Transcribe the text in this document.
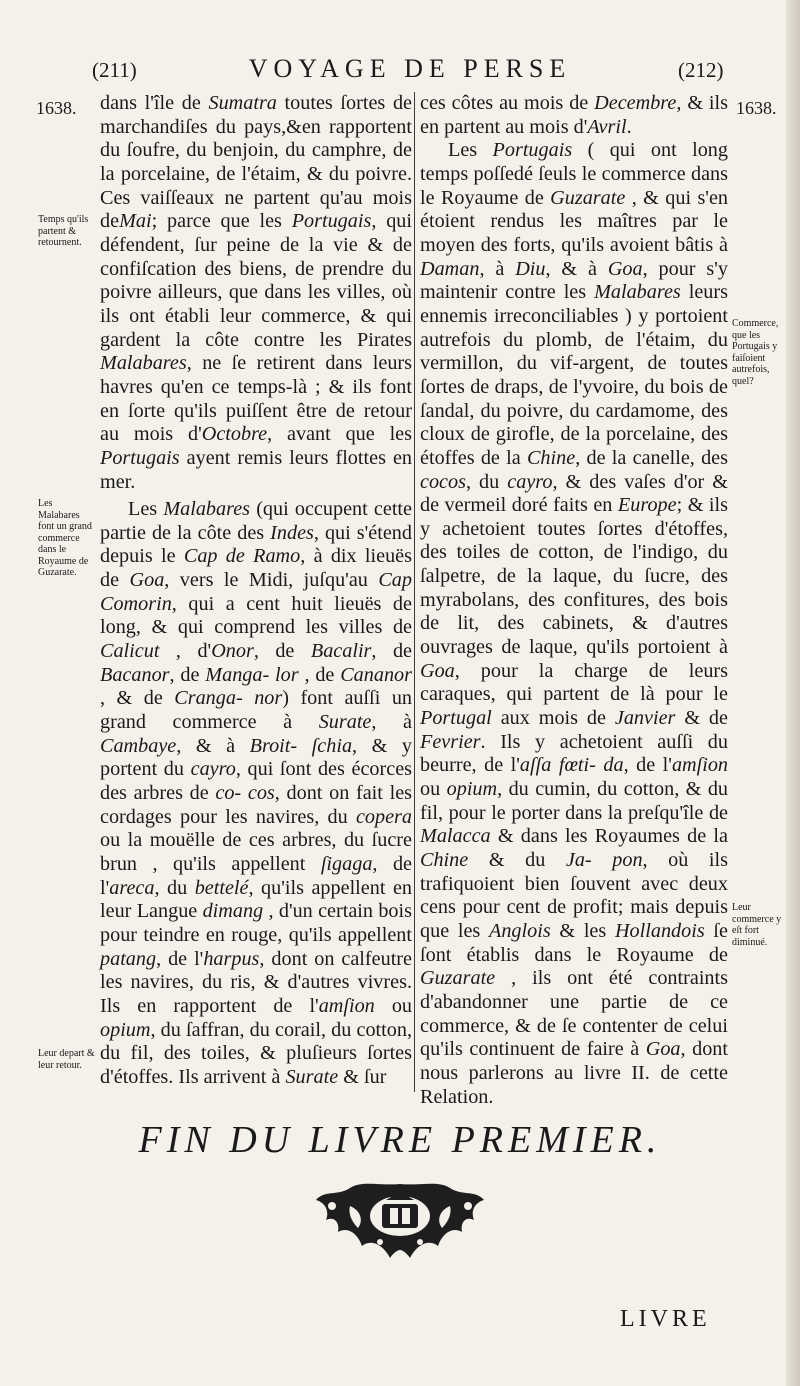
(211)	VOYAGE DE PERSE	(212)
1638.	1638.

dans l'île de Sumatra toutes ſortes de marchandiſes du pays,&en rapportent du ſoufre, du benjoin, du camphre, de la porcelaine, de l'étaim, & du poivre. Ces vaiſſeaux ne partent qu'au mois deMai; parce que les Portugais, qui défendent, ſur peine de la vie & de confiſcation des biens, de prendre du poivre ailleurs, que dans les villes, où ils ont établi leur commerce, & qui gardent la côte contre les Pirates Malabares, ne ſe retirent dans leurs havres qu'en ce temps-là ; & ils font en ſorte qu'ils puiſſent être de retour au mois d'Octobre, avant que les Portugais ayent remis leurs flottes en mer.

Les Malabares (qui occupent cette partie de la côte des Indes, qui s'étend depuis le Cap de Ramo, à dix lieuës de Goa, vers le Midi, juſqu'au Cap Comorin, qui a cent huit lieuës de long, & qui comprend les villes de Calicut , d'Onor, de Bacalir, de Bacanor, de Manga- lor , de Cananor , & de Cranga- nor) font auſſi un grand commerce à Surate, à Cambaye, & à Broit- ſchia, & y portent du cayro, qui ſont des écorces des arbres de co- cos, dont on fait les cordages pour les navires, du copera ou la mouëlle de ces arbres, du ſucre brun , qu'ils appellent ſigaga, de l'areca, du bettelé, qu'ils appellent en leur Langue dimang , d'un certain bois pour teindre en rouge, qu'ils appellent patang, de l'harpus, dont on calfeutre les navires, du ris, & d'autres vivres. Ils en rapportent de l'amſion ou opium, du ſaffran, du corail, du cotton, du fil, des toiles, & pluſieurs ſortes d'étoffes. Ils arrivent à Surate & ſur

ces côtes au mois de Decembre, & ils en partent au mois d'Avril.

Les Portugais ( qui ont long temps poſſedé ſeuls le commerce dans le Royaume de Guzarate , & qui s'en étoient rendus les maîtres par le moyen des forts, qu'ils avoient bâtis à Daman, à Diu, & à Goa, pour s'y maintenir contre les Malabares leurs ennemis irreconciliables ) y portoient autrefois du plomb, de l'étaim, du vermillon, du vif-argent, de toutes ſortes de draps, de l'yvoire, du bois de ſandal, du poivre, du cardamome, des cloux de girofle, de la porcelaine, des étoffes de la Chine, de la canelle, des cocos, du cayro, & des vaſes d'or & de vermeil doré faits en Europe; & ils y achetoient toutes ſortes d'étoffes, des toiles de cotton, de l'indigo, du ſalpetre, de la laque, du ſucre, des myrabolans, des confitures, des bois de lit, des cabinets, & d'autres ouvrages de laque, qu'ils portoient à Goa, pour la charge de leurs caraques, qui partent de là pour le Portugal aux mois de Janvier & de Fevrier. Ils y achetoient auſſi du beurre, de l'aſſa fœti- da, de l'amſion ou opium, du cumin, du cotton, & du fil, pour le porter dans la preſqu'île de Malacca & dans les Royaumes de la Chine & du Ja- pon, où ils trafiquoient bien ſouvent avec deux cens pour cent de profit; mais depuis que les Anglois & les Hollandois ſe ſont établis dans le Royaume de Guzarate , ils ont été contraints d'abandonner une partie de ce commerce, & de ſe contenter de celui qu'ils continuent de faire à Goa, dont nous parlerons au livre II. de cette Relation.

Temps qu'ils partent & retournent.
Les Malabares font un grand commerce dans le Royaume de Guzarate.
Leur depart & leur retour.
Commerce, que les Portugais y faiſoient autrefois, quel?
Leur commerce y eſt fort diminué.
FIN DU LIVRE PREMIER.
LIVRE
